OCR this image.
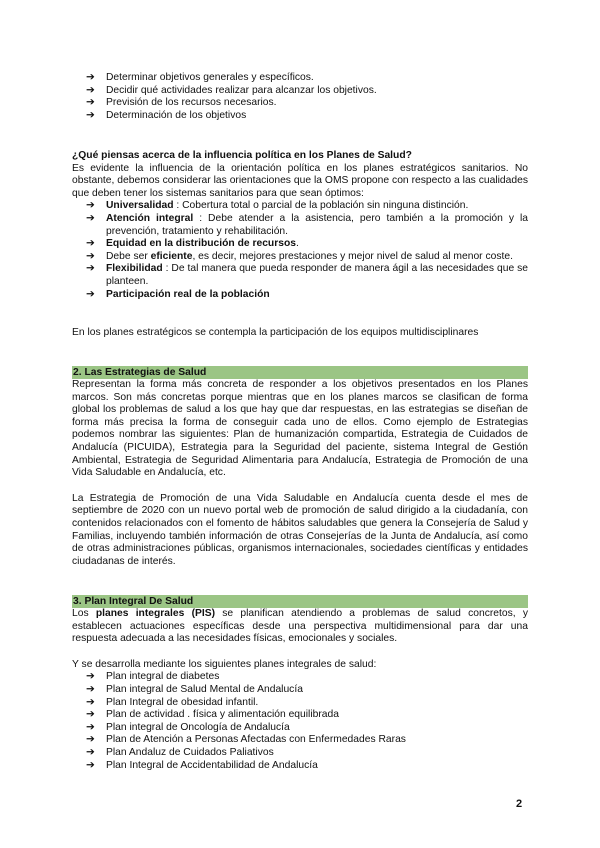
➔ Determinar objetivos generales y específicos.
➔ Decidir qué actividades realizar para alcanzar los objetivos.
➔ Previsión de los recursos necesarios.
➔ Determinación de los objetivos
¿Qué piensas acerca de la influencia política en los Planes de Salud?
Es evidente la influencia de la orientación política en los planes estratégicos sanitarios. No obstante, debemos considerar las orientaciones que la OMS propone con respecto a las cualidades que deben tener los sistemas sanitarios para que sean óptimos:
➔ Universalidad : Cobertura total o parcial de la población sin ninguna distinción.
➔ Atención integral : Debe atender a la asistencia, pero también a la promoción y la prevención, tratamiento y rehabilitación.
➔ Equidad en la distribución de recursos.
➔ Debe ser eficiente, es decir, mejores prestaciones y mejor nivel de salud al menor coste.
➔ Flexibilidad : De tal manera que pueda responder de manera ágil a las necesidades que se planteen.
➔ Participación real de la población
En los planes estratégicos se contempla la participación de los equipos multidisciplinares
2. Las Estrategias de Salud
Representan la forma más concreta de responder a los objetivos presentados en los Planes marcos. Son más concretas porque mientras que en los planes marcos se clasifican de forma global los problemas de salud a los que hay que dar respuestas, en las estrategias se diseñan de forma más precisa la forma de conseguir cada uno de ellos. Como ejemplo de Estrategias podemos nombrar las siguientes: Plan de humanización compartida, Estrategia de Cuidados de Andalucía (PICUIDA), Estrategia para la Seguridad del paciente, sistema Integral de Gestión Ambiental, Estrategia de Seguridad Alimentaria para Andalucía, Estrategia de Promoción de una Vida Saludable en Andalucía, etc.
La Estrategia de Promoción de una Vida Saludable en Andalucía cuenta desde el mes de septiembre de 2020 con un nuevo portal web de promoción de salud dirigido a la ciudadanía, con contenidos relacionados con el fomento de hábitos saludables que genera la Consejería de Salud y Familias, incluyendo también información de otras Consejerías de la Junta de Andalucía, así como de otras administraciones públicas, organismos internacionales, sociedades científicas y entidades ciudadanas de interés.
3. Plan Integral De Salud
Los planes integrales (PIS) se planifican atendiendo a problemas de salud concretos, y establecen actuaciones específicas desde una perspectiva multidimensional para dar una respuesta adecuada a las necesidades físicas, emocionales y sociales.
Y se desarrolla mediante los siguientes planes integrales de salud:
➔ Plan integral de diabetes
➔ Plan integral de Salud Mental de Andalucía
➔ Plan Integral de obesidad infantil.
➔ Plan de actividad . física y alimentación equilibrada
➔ Plan integral de Oncología de Andalucía
➔ Plan de Atención a Personas Afectadas con Enfermedades Raras
➔ Plan Andaluz de Cuidados Paliativos
➔ Plan Integral de Accidentabilidad de Andalucía
2
